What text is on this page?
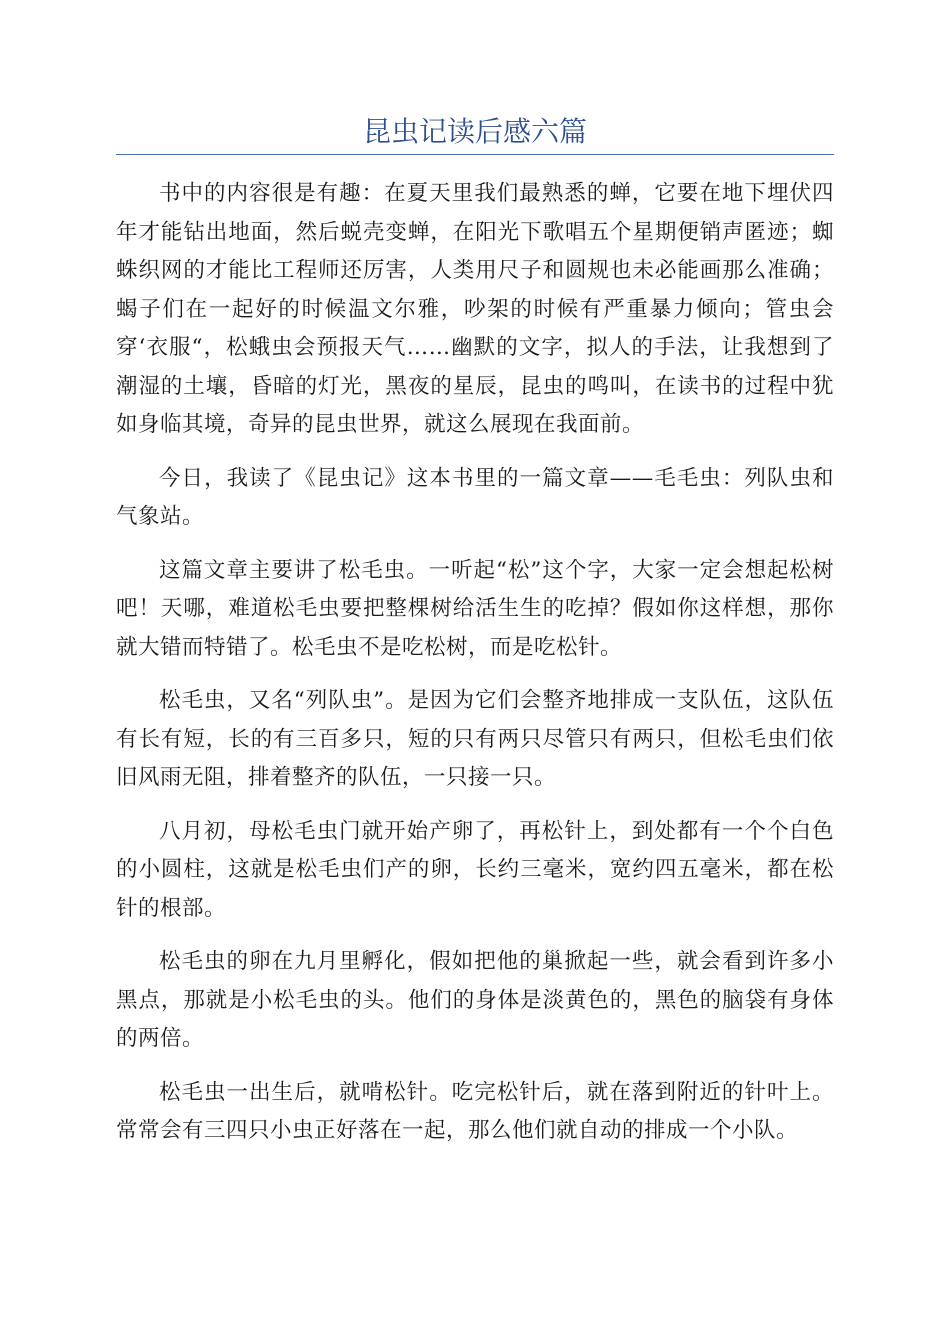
昆虫记读后感六篇

书中的内容很是有趣：在夏天里我们最熟悉的蝉，它要在地下埋伏四年才能钻出地面，然后蜕壳变蝉，在阳光下歌唱五个星期便销声匿迹；蜘蛛织网的才能比工程师还厉害，人类用尺子和圆规也未必能画那么准确；蝎子们在一起好的时候温文尔雅，吵架的时候有严重暴力倾向；管虫会穿‘衣服“，松蛾虫会预报天气……幽默的文字，拟人的手法，让我想到了潮湿的土壤，昏暗的灯光，黑夜的星辰，昆虫的鸣叫，在读书的过程中犹如身临其境，奇异的昆虫世界，就这么展现在我面前。

今日，我读了《昆虫记》这本书里的一篇文章——毛毛虫：列队虫和气象站。

这篇文章主要讲了松毛虫。一听起“松”这个字，大家一定会想起松树吧！天哪，难道松毛虫要把整棵树给活生生的吃掉？假如你这样想，那你就大错而特错了。松毛虫不是吃松树，而是吃松针。

松毛虫，又名“列队虫”。是因为它们会整齐地排成一支队伍，这队伍有长有短，长的有三百多只，短的只有两只尽管只有两只，但松毛虫们依旧风雨无阻，排着整齐的队伍，一只接一只。

八月初，母松毛虫门就开始产卵了，再松针上，到处都有一个个白色的小圆柱，这就是松毛虫们产的卵，长约三毫米，宽约四五毫米，都在松针的根部。

松毛虫的卵在九月里孵化，假如把他的巢掀起一些，就会看到许多小黑点，那就是小松毛虫的头。他们的身体是淡黄色的，黑色的脑袋有身体的两倍。

松毛虫一出生后，就啃松针。吃完松针后，就在落到附近的针叶上。常常会有三四只小虫正好落在一起，那么他们就自动的排成一个小队。
